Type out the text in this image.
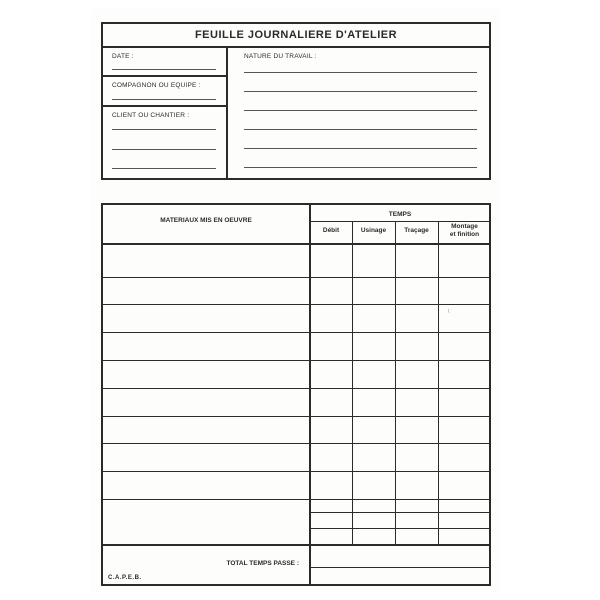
FEUILLE JOURNALIERE D'ATELIER
DATE :
COMPAGNON OU EQUIPE :
CLIENT OU CHANTIER :
NATURE DU TRAVAIL :
MATERIAUX MIS EN OEUVRE
TEMPS
Débit	Usinage	Traçage
Montage
et finition
\
TOTAL TEMPS PASSE :
C.A.P.E.B.
